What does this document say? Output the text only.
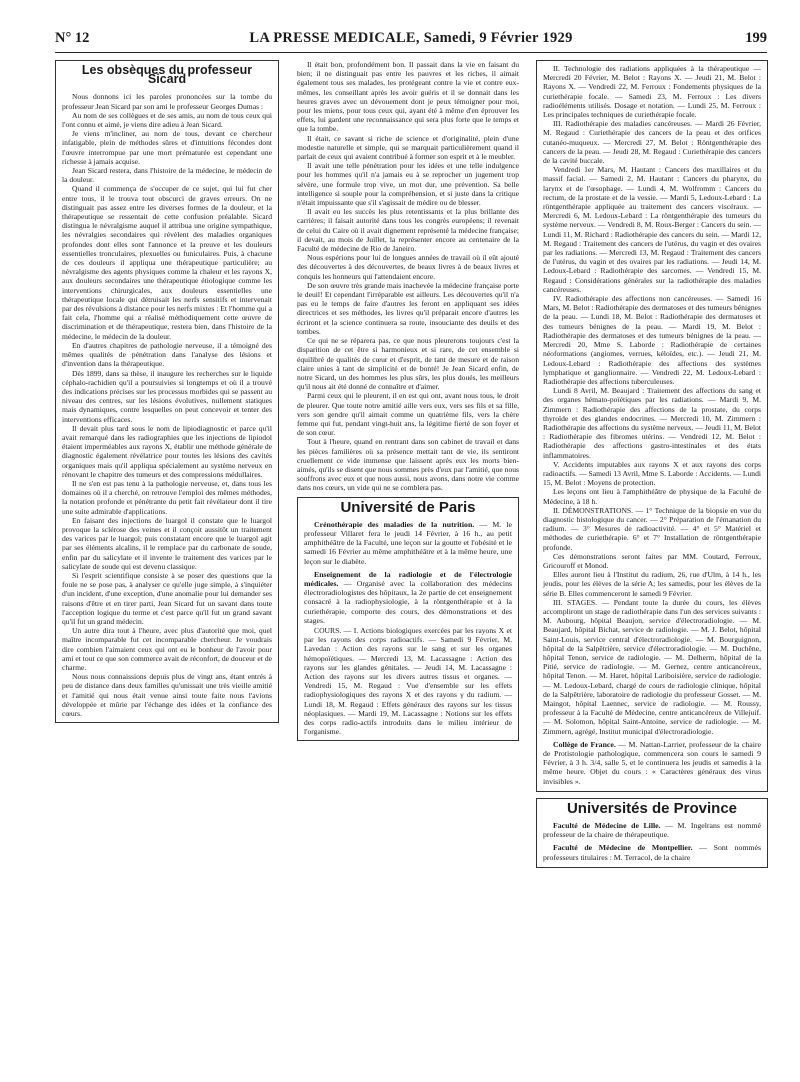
N° 12	LA PRESSE MEDICALE, Samedi, 9 Février 1929	199
Les obsèques du professeur Sicard

Nous donnons ici les paroles prononcées sur la tombe du professeur Jean Sicard par son ami le professeur Georges Dumas :

Au nom de ses collègues et de ses amis, au nom de tous ceux qui l'ont connu et aimé, je viens dire adieu à Jean Sicard.

Je viens m'incliner, au nom de tous, devant ce chercheur infatigable, plein de méthodes sûres et d'intuitions fécondes dont l'œuvre interrompue par une mort prématurée est cependant une richesse à jamais acquise.

Jean Sicard restera, dans l'histoire de la médecine, le médecin de la douleur.

Quand il commença de s'occuper de ce sujet, qui lui fut cher entre tous, il le trouva tout obscurci de graves erreurs. On ne distinguait pas assez entre les diverses formes de la douleur, et la thérapeutique se ressentait de cette confusion préalable. Sicard distingua le névralgisme auquel il attribua une origine sympathique, les névralgies secondaires qui révèlent des maladies organiques profondes dont elles sont l'annonce et la preuve et les douleurs essentielles tronculaires, plexuelles ou funiculaires. Puis, à chacune de ces douleurs il appliqua une thérapeutique particulière; au névralgisme des agents physiques comme la chaleur et les rayons X, aux douleurs secondaires une thérapeutique étiologique comme les interventions chirurgicales, aux douleurs essentielles une thérapeutique locale qui détruisait les nerfs sensitifs et intervenait par des révulsions à distance pour les nerfs mixtes : Et l'homme qui a fait cela, l'homme qui a réalisé méthodiquement cette œuvre de discrimination et de thérapeutique, restera bien, dans l'histoire de la médecine, le médecin de la douleur.

En d'autres chapitres de pathologie nerveuse, il a témoigné des mêmes qualités de pénétration dans l'analyse des lésions et d'invention dans la thérapeutique.

Dès 1899, dans sa thèse, il inaugure les recherches sur le liquide céphalo-rachidien qu'il a poursuivies si longtemps et où il a trouvé des indications précises sur les processus morbides qui se passent au niveau des centres, sur les lésions évolutives, nullement statiques mais dynamiques, contre lesquelles on peut concevoir et tenter des interventions efficaces.

Il devait plus tard sous le nom de lipiodiagnostic et parce qu'il avait remarqué dans les radiographies que les injections de lipiodol étaient imperméables aux rayons X, établir une méthode générale de diagnostic également révélatrice pour toutes les lésions des cavités organiques mais qu'il appliqua spécialement au système nerveux en rénovant le chapitre des tumeurs et des compressions médullaires.

Il ne s'en est pas tenu à la pathologie nerveuse, et, dans tous les domaines où il a cherché, on retrouve l'emploi des mêmes méthodes, la notation profonde et pénétrante du petit fait révélateur dont il tire une suite admirable d'applications.

En faisant des injections de luargol il constate que le luargol provoque la sclérose des veines et il conçoit aussitôt un traitement des varices par le luargol; puis constatant encore que le luargol agit par ses éléments alcalins, il le remplace par du carbonate de soude, enfin par du salicylate et il invente le traitement des varices par le salicylate de soude qui est devenu classique.

Si l'esprit scientifique consiste à se poser des questions que la foule ne se pose pas, à analyser ce qu'elle juge simple, à s'inquiéter d'un incident, d'une exception, d'une anomalie pour lui demander ses raisons d'être et en tirer parti, Jean Sicard fut un savant dans toute l'acception logique du terme et c'est parce qu'il fut un grand savant qu'il fut un grand médecin.

Un autre dira tout à l'heure, avec plus d'autorité que moi, quel maître incomparable fut cet incomparable chercheur. Je voudrais dire combien l'aimaient ceux qui ont eu le bonheur de l'avoir pour ami et tout ce que son commerce avait de réconfort, de douceur et de charme.

Nous nous connaissions depuis plus de vingt ans, étant entrés à peu de distance dans deux familles qu'unissait une très vieille amitié et l'amitié qui nous était venue ainsi toute faite nous l'avions développée et mûrie par l'échange des idées et la confiance des cœurs.

Il était bon, profondément bon. Il passait dans la vie en faisant du bien; il ne distinguait pas entre les pauvres et les riches, il aimait également tous ses malades, les protégeant contre la vie et contre eux-mêmes, les conseillant après les avoir guéris et il se donnait dans les heures graves avec un dévouement dont je peux témoigner pour moi, pour les miens, pour tous ceux qui, ayant été à même d'en éprouver les effets, lui gardent une reconnaissance qui sera plus forte que le temps et que la tombe.

Il était, ce savant si riche de science et d'originalité, plein d'une modestie naturelle et simple, qui se marquait particulièrement quand il parlait de ceux qui avaient contribué à former son esprit et à le meubler.

Il avait une telle pénétration pour les idées et une telle indulgence pour les hommes qu'il n'a jamais eu à se reprocher un jugement trop sévère, une formule trop vive, un mot dur, une prévention. Sa belle intelligence si souple pour la compréhension, et si juste dans la critique n'était impuissante que s'il s'agissait de médire ou de blesser.

Il avait eu les succès les plus retentissants et la plus brillante des carrières; il faisait autorité dans tous les congrès européens; il revenait de celui du Caire où il avait dignement représenté la médecine française; il devait, au mois de Juillet, la représenter encore au centenaire de la Faculté de médecine de Rio de Janeiro.

Nous espérions pour lui de longues années de travail où il eût ajouté des découvertes à des découvertes, de beaux livres à de beaux livres et conquis les honneurs qui l'attendaient encore.

De son œuvre très grande mais inachevée la médecine française porte le deuil! Et cependant l'irréparable est ailleurs. Les découvertes qu'il n'a pas eu le temps de faire d'autres les feront en appliquant ses idées directrices et ses méthodes, les livres qu'il préparait encore d'autres les écriront et la science continuera sa route, insouciante des deuils et des tombes.

Ce qui ne se réparera pas, ce que nous pleurerons toujours c'est la disparition de cet être si harmonieux et si rare, de cet ensemble si équilibré de qualités de cœur et d'esprit, de tant de mesure et de raison claire unies à tant de simplicité et de bonté! Je Jean Sicard enfin, de notre Sicard, un des hommes les plus sûrs, les plus doués, les meilleurs qu'il nous ait été donné de connaître et d'aimer.

Parmi ceux qui le pleurent, il en est qui ont, avant nous tous, le droit de pleurer. Que toute notre amitié aille vers eux, vers ses fils et sa fille, vers son gendre qu'il aimait comme un quatrième fils, vers la chère femme qui fut, pendant vingt-huit ans, la légitime fierté de son foyer et de son cœur.

Tout à l'heure, quand en rentrant dans son cabinet de travail et dans les pièces familières où sa présence mettait tant de vie, ils sentiront cruellement ce vide immense que laissent après eux les morts bien-aimés, qu'ils se disent que nous sommes près d'eux par l'amitié, que nous souffrons avec eux et que nous aussi, nous avons, dans notre vie comme dans nos cœurs, un vide qui ne se comblera pas.

Université de Paris
Crénothérapie des maladies de la nutrition. — M. le professeur Villaret fera le jeudi 14 Février, à 16 h., au petit amphithéâtre de la Faculté, une leçon sur la goutte et l'obésité et le samedi 16 Février au même amphithéâtre et à la même heure, une leçon sur le diabète.
Enseignement de la radiologie et de l'électrologie médicales. — Organisé avec la collaboration des médecins électroradiologistes des hôpitaux, la 2e partie de cet enseignement consacré à la radiophysiologie, à la röntgenthérapie et à la curiethérapie, comporte des cours, des démonstrations et des stages.

COURS. — I. Actions biologiques exercées par les rayons X et par les rayons des corps radioactifs. — Samedi 9 Février, M. Lavedan : Action des rayons sur le sang et sur les organes hémopoïétiques. — Mercredi 13, M. Lacassagne : Action des rayons sur les glandes génitales. — Jeudi 14, M. Lacassagne : Action des rayons sur les divers autres tissus et organes. — Vendredi 15, M. Regaud : Vue d'ensemble sur les effets radiophysiologiques des rayons X et des rayons γ du radium. — Lundi 18, M. Regaud : Effets généraux des rayons sur les tissus néoplasiques. — Mardi 19, M. Lacassagne : Notions sur les effets des corps radio-actifs introduits dans le milieu intérieur de l'organisme.

II. Technologie des radiations appliquées à la thérapeutique — Mercredi 20 Février, M. Belot : Rayons X. — Jeudi 21, M. Belot : Rayons X. — Vendredi 22, M. Ferroux : Fondements physiques de la curiethérapie focale. — Samedi 23, M. Ferroux : Les divers radioéléments utilisés. Dosage et notation. — Lundi 25, M. Ferroux : Les principales techniques de curiethérapie focale.

III. Radiothérapie des maladies cancéreuses. — Mardi 26 Février, M. Regaud : Curiethérapie des cancers de la peau et des orifices cutanéo-muqueux. — Mercredi 27, M. Belot : Röntgenthérapie des cancers de la peau. — Jeudi 28, M. Regaud : Curiethérapie des cancers de la cavité buccale.

Vendredi 1er Mars, M. Hautant : Cancers des maxillaires et du massif facial. — Samedi 2, M. Hautant : Cancers du pharynx, du larynx et de l'œsophage. — Lundi 4, M. Wolfromm : Cancers du rectum, de la prostate et de la vessie. — Mardi 5, Ledoux-Lebard : La röntgenthérapie appliquée au traitement des cancers viscéraux. — Mercredi 6, M. Ledoux-Lebard : La röntgenthérapie des tumeurs du système nerveux. — Vendredi 8, M. Roux-Berger : Cancers du sein. — Lundi 11, M. Richard : Radiothérapie des cancers du sein. — Mardi 12, M. Regaud : Traitement des cancers de l'utérus, du vagin et des ovaires par les radiations. — Mercredi 13, M. Regaud : Traitement des cancers de l'utérus, du vagin et des ovaires par les radiations. — Jeudi 14, M. Ledoux-Lebard : Radiothérapie des sarcomes. — Vendredi 15, M. Regaud : Considérations générales sur la radiothérapie des maladies cancéreuses.

IV. Radiothérapie des affections non cancéreuses. — Samedi 16 Mars, M. Belot : Radiothérapie des dermatoses et des tumeurs bénignes de la peau. — Lundi 18, M. Belot : Radiothérapie des dermatoses et des tumeurs bénignes de la peau. — Mardi 19, M. Belot : Radiothérapie des dermatoses et des tumeurs bénignes de la peau. — Mercredi 20, Mme S. Laborde : Radiothérapie de certaines néoformations (angiomes, verrues, kéloïdes, etc.). — Jeudi 21, M. Ledoux-Lebard : Radiothérapie des affections des systèmes lymphatique et ganglionnaire. — Vendredi 22, M. Ledoux-Lebard : Radiothérapie des affections tuberculeuses.

Lundi 8 Avril, M. Beaujard : Traitement des affections du sang et des organes hémato-poïétiques par les radiations. — Mardi 9, M. Zimmern : Radiothérapie des affections de la prostate, du corps thyroïde et des glandes endocrines. — Mercredi 10, M. Zimmern : Radiothérapie des affections du système nerveux. — Jeudi 11, M. Belot : Radiothérapie des fibromes utérins. — Vendredi 12, M. Belot : Radiothérapie des affections gastro-intestinales et des états inflammatoires.

V. Accidents imputables aux rayons X et aux rayons des corps radioactifs. — Samedi 13 Avril, Mme S. Laborde : Accidents. — Lundi 15, M. Belot : Moyens de protection.

Les leçons ont lieu à l'amphithéâtre de physique de la Faculté de Médecine, à 18 h.

II. DÉMONSTRATIONS. — 1° Technique de la biopsie en vue du diagnostic histologique du cancer. — 2° Préparation de l'émanation du radium. — 3° Mesures de radioactivité. — 4° et 5° Matériel et méthodes de curiethérapie. 6° et 7° Installation de röntgenthérapie profonde.

Ces démonstrations seront faites par MM. Coutard, Ferroux, Gricouroff et Monod.

Elles auront lieu à l'Institut du radium, 26, rue d'Ulm, à 14 h., les jeudis, pour les élèves de la série A; les samedis, pour les élèves de la série B. Elles commenceront le samedi 9 Février.

III. STAGES. — Pendant toute la durée du cours, les élèves accompliront un stage de radiothérapie dans l'un des services suivants : M. Aubourg, hôpital Beaujon, service d'électroradiologie. — M. Beaujard, hôpital Bichat, service de radiologie. — M. J. Belot, hôpital Saint-Louis, service central d'électroradiologie. — M. Bourguignon, hôpital de la Salpêtrière, service d'électroradiologie. — M. Duchêne, hôpital Tenon, service de radiologie. — M. Delherm, hôpital de la Pitié, service de radiologie. — M. Gernez, centre anticancéreux, hôpital Tenon. — M. Haret, hôpital Lariboisière, service de radiologie. — M. Ledoux-Lebard, chargé de cours de radiologie clinique, hôpital de la Salpêtrière, laboratoire de radiologie du professeur Gosset. — M. Maingot, hôpital Laennec, service de radiologie. — M. Roussy, professeur à la Faculté de Médecine, centre anticancéreux de Villejuif. — M. Solomon, hôpital Saint-Antoine, service de radiologie. — M. Zimmern, agrégé, Institut municipal d'électroradiologie.

Collège de France. — M. Nattan-Larrier, professeur de la chaire de Protistologie pathologique, commencera son cours le samedi 9 Février, à 3 h. 3/4, salle 5, et le continuera les jeudis et samedis à la même heure. Objet du cours : « Caractères généraux des virus invisibles ».
Universités de Province
Faculté de Médecine de Lille. — M. Ingelrans est nommé professeur de la chaire de thérapeutique.
Faculté de Médecine de Montpellier. — Sont nommés professeurs titulaires : M. Terracol, de la chaire
